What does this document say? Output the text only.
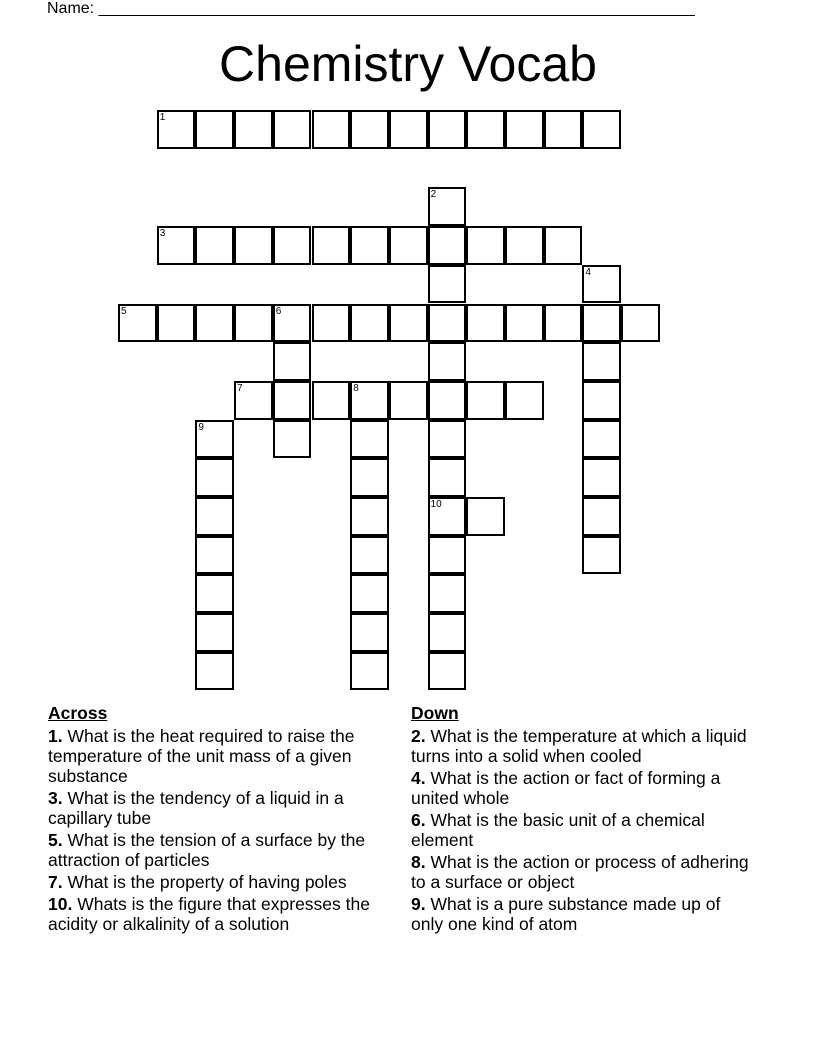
Name: ___________________________________________________________________
Chemistry Vocab
1
2
10
3
4
5	6
7	8
9
Across
1. What is the heat required to raise the temperature of the unit mass of a given substance
3. What is the tendency of a liquid in a capillary tube
5. What is the tension of a surface by the attraction of particles
7. What is the property of having poles
10. Whats is the figure that expresses the acidity or alkalinity of a solution
Down
2. What is the temperature at which a liquid turns into a solid when cooled
4. What is the action or fact of forming a united whole
6. What is the basic unit of a chemical element
8. What is the action or process of adhering to a surface or object
9. What is a pure substance made up of only one kind of atom
